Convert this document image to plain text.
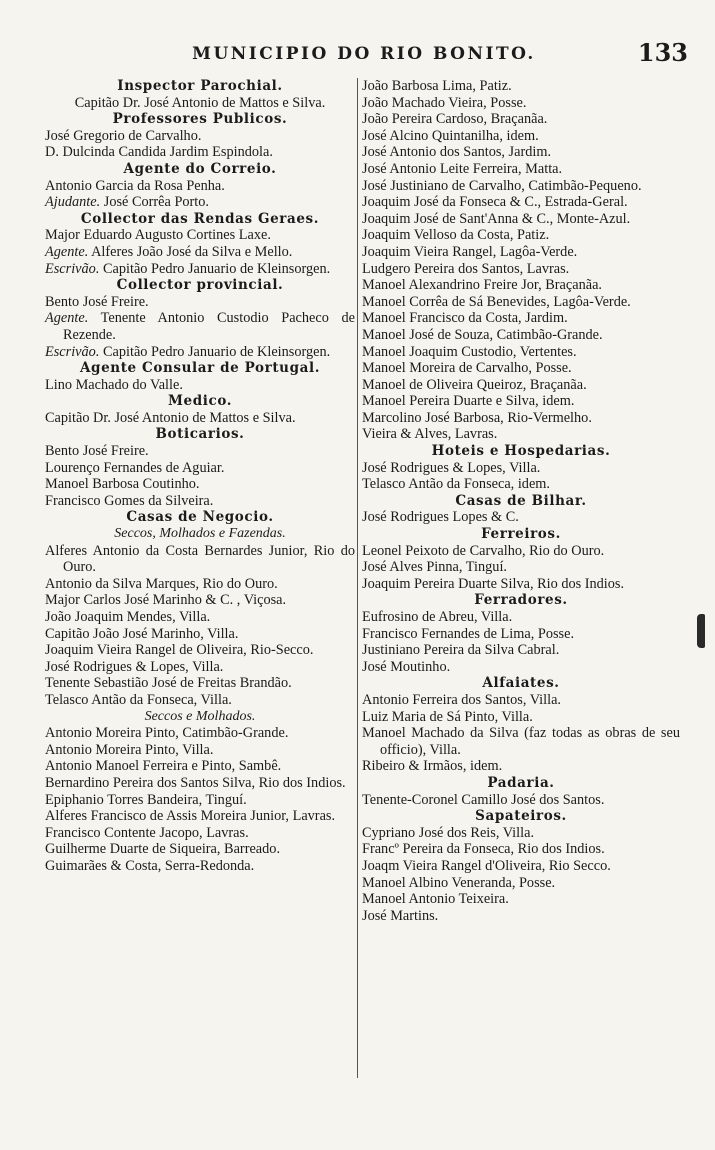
MUNICIPIO DO RIO BONITO.	133
Inspector Parochial.
Capitão Dr. José Antonio de Mattos e Silva.
Professores Publicos.
José Gregorio de Carvalho.
D. Dulcinda Candida Jardim Espindola.
Agente do Correio.
Antonio Garcia da Rosa Penha.
Ajudante. José Corrêa Porto.
Collector das Rendas Geraes.
Major Eduardo Augusto Cortines Laxe.
Agente. Alferes João José da Silva e Mello.
Escrivão. Capitão Pedro Januario de Kleinsorgen.
Collector provincial.
Bento José Freire.
Agente. Tenente Antonio Custodio Pacheco de Rezende.
Escrivão. Capitão Pedro Januario de Kleinsorgen.
Agente Consular de Portugal.
Lino Machado do Valle.
Medico.
Capitão Dr. José Antonio de Mattos e Silva.
Boticarios.
Bento José Freire.
Lourenço Fernandes de Aguiar.
Manoel Barbosa Coutinho.
Francisco Gomes da Silveira.
Casas de Negocio.
Seccos, Molhados e Fazendas.
Alferes Antonio da Costa Bernardes Junior, Rio do Ouro.
Antonio da Silva Marques, Rio do Ouro.
Major Carlos José Marinho & C. , Viçosa.
João Joaquim Mendes, Villa.
Capitão João José Marinho, Villa.
Joaquim Vieira Rangel de Oliveira, Rio-Secco.
José Rodrigues & Lopes, Villa.
Tenente Sebastião José de Freitas Brandão.
Telasco Antão da Fonseca, Villa.
Seccos e Molhados.
Antonio Moreira Pinto, Catimbão-Grande.
Antonio Moreira Pinto, Villa.
Antonio Manoel Ferreira e Pinto, Sambê.
Bernardino Pereira dos Santos Silva, Rio dos Indios.
Epiphanio Torres Bandeira, Tinguí.
Alferes Francisco de Assis Moreira Junior, Lavras.
Francisco Contente Jacopo, Lavras.
Guilherme Duarte de Siqueira, Barreado.
Guimarães & Costa, Serra-Redonda.
João Barbosa Lima, Patiz.
João Machado Vieira, Posse.
João Pereira Cardoso, Braçanãa.
José Alcino Quintanilha, idem.
José Antonio dos Santos, Jardim.
José Antonio Leite Ferreira, Matta.
José Justiniano de Carvalho, Catimbão-Pequeno.
Joaquim José da Fonseca & C., Estrada-Geral.
Joaquim José de Sant'Anna & C., Monte-Azul.
Joaquim Velloso da Costa, Patiz.
Joaquim Vieira Rangel, Lagôa-Verde.
Ludgero Pereira dos Santos, Lavras.
Manoel Alexandrino Freire Jor, Braçanãa.
Manoel Corrêa de Sá Benevides, Lagôa-Verde.
Manoel Francisco da Costa, Jardim.
Manoel José de Souza, Catimbão-Grande.
Manoel Joaquim Custodio, Vertentes.
Manoel Moreira de Carvalho, Posse.
Manoel de Oliveira Queiroz, Braçanãa.
Manoel Pereira Duarte e Silva, idem.
Marcolino José Barbosa, Rio-Vermelho.
Vieira & Alves, Lavras.
Hoteis e Hospedarias.
José Rodrigues & Lopes, Villa.
Telasco Antão da Fonseca, idem.
Casas de Bilhar.
José Rodrigues Lopes & C.
Ferreiros.
Leonel Peixoto de Carvalho, Rio do Ouro.
José Alves Pinna, Tinguí.
Joaquim Pereira Duarte Silva, Rio dos Indios.
Ferradores.
Eufrosino de Abreu, Villa.
Francisco Fernandes de Lima, Posse.
Justiniano Pereira da Silva Cabral.
José Moutinho.
Alfaiates.
Antonio Ferreira dos Santos, Villa.
Luiz Maria de Sá Pinto, Villa.
Manoel Machado da Silva (faz todas as obras de seu officio), Villa.
Ribeiro & Irmãos, idem.
Padaria.
Tenente-Coronel Camillo José dos Santos.
Sapateiros.
Cypriano José dos Reis, Villa.
Francº Pereira da Fonseca, Rio dos Indios.
Joaqm Vieira Rangel d'Oliveira, Rio Secco.
Manoel Albino Veneranda, Posse.
Manoel Antonio Teixeira.
José Martins.
